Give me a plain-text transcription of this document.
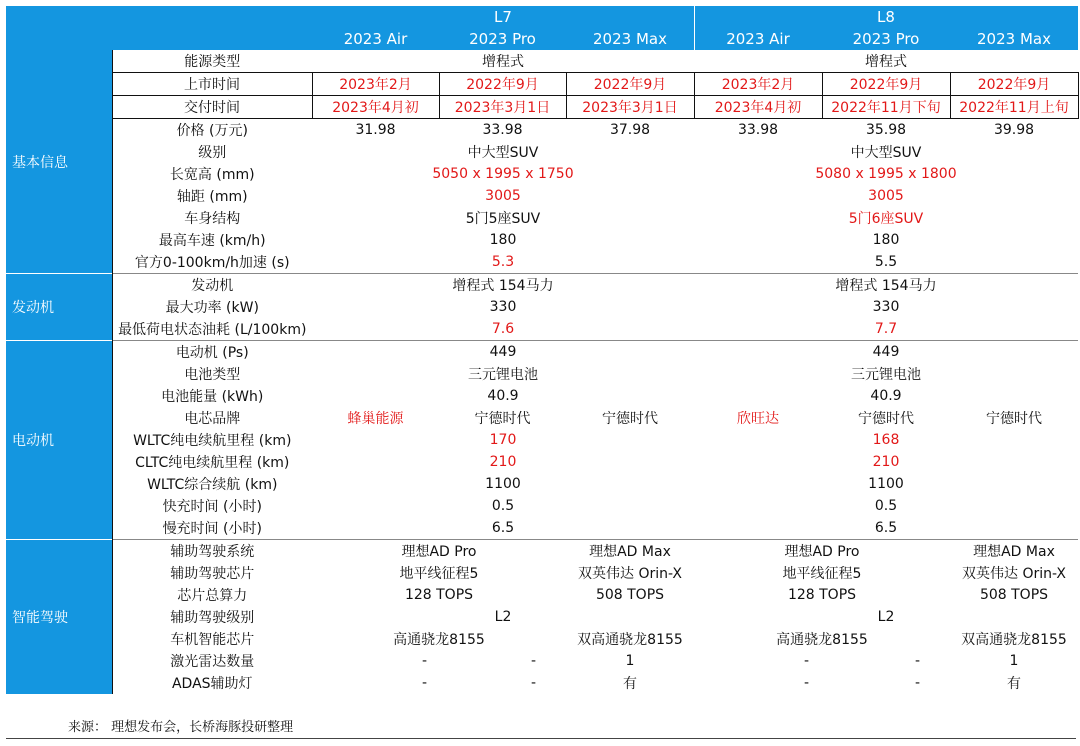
		L7			L8		
		2023 Air	2023 Pro	2023 Max	2023 Air	2023 Pro	2023 Max
基本信息	能源类型	增程式			增程式		
	上市时间	2023年2月	2022年9月	2022年9月	2023年2月	2022年9月	2022年9月
	交付时间	2023年4月初	2023年3月1日	2023年3月1日	2023年4月初	2022年11月下旬	2022年11月上旬
	价格 (万元)	31.98	33.98	37.98	33.98	35.98	39.98
	级别	中大型SUV			中大型SUV		
	长宽高 (mm)	5050 x 1995 x 1750			5080 x 1995 x 1800		
	轴距 (mm)	3005			3005		
	车身结构	5门5座SUV			5门6座SUV		
	最高车速 (km/h)	180			180		
	官方0-100km/h加速 (s)	5.3			5.5		
发动机	发动机	增程式 154马力			增程式 154马力		
	最大功率 (kW)	330			330		
	最低荷电状态油耗 (L/100km)	7.6			7.7		
电动机	电动机 (Ps)	449			449		
	电池类型	三元锂电池			三元锂电池		
	电池能量 (kWh)	40.9			40.9		
	电芯品牌	蜂巢能源	宁德时代	宁德时代	欣旺达	宁德时代	宁德时代
	WLTC纯电续航里程 (km)	170			168		
	CLTC纯电续航里程 (km)	210			210		
	WLTC综合续航 (km)	1100			1100		
	快充时间 (小时)	0.5			0.5		
	慢充时间 (小时)	6.5			6.5		
智能驾驶	辅助驾驶系统	理想AD Pro		理想AD Max	理想AD Pro		理想AD Max
	辅助驾驶芯片	地平线征程5		双英伟达 Orin-X	地平线征程5		双英伟达 Orin-X
	芯片总算力	128 TOPS		508 TOPS	128 TOPS		508 TOPS
	辅助驾驶级别	L2			L2		
	车机智能芯片	高通骁龙8155		双高通骁龙8155	高通骁龙8155		双高通骁龙8155
	激光雷达数量	-	-	1	-	-	1
	ADAS辅助灯	-	-	有	-	-	有
来源： 理想发布会，长桥海豚投研整理
